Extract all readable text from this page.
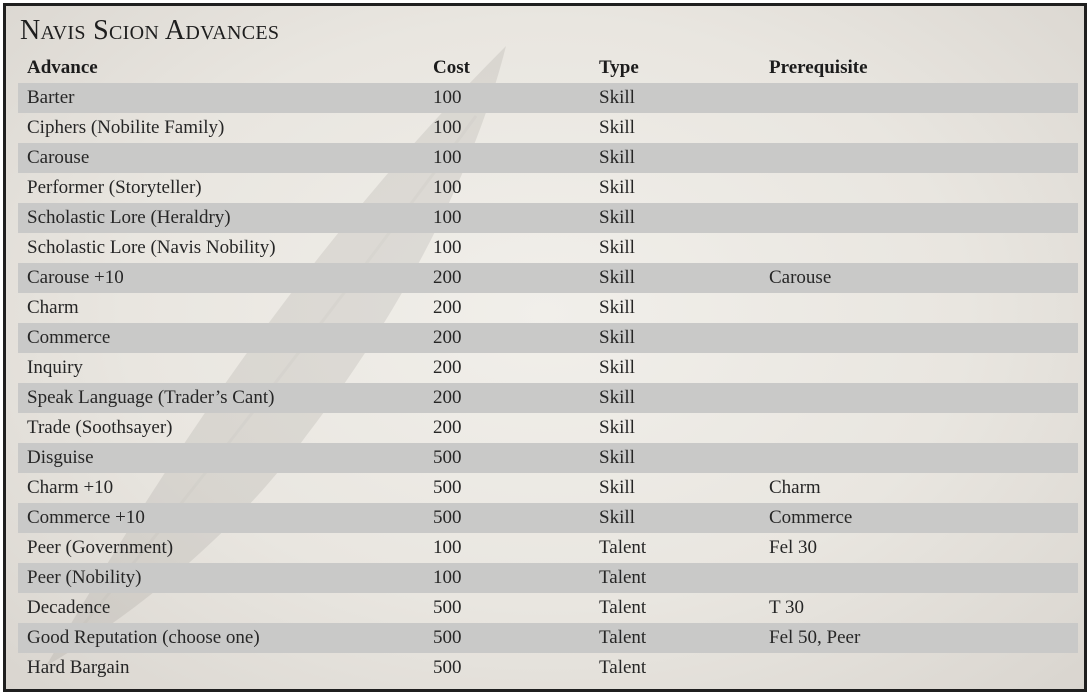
Navis Scion Advances
Advance	Cost	Type	Prerequisite
Barter	100	Skill
Ciphers (Nobilite Family)	100	Skill
Carouse	100	Skill
Performer (Storyteller)	100	Skill
Scholastic Lore (Heraldry)	100	Skill
Scholastic Lore (Navis Nobility)	100	Skill
Carouse +10	200	Skill	Carouse
Charm	200	Skill
Commerce	200	Skill
Inquiry	200	Skill
Speak Language (Trader’s Cant)	200	Skill
Trade (Soothsayer)	200	Skill
Disguise	500	Skill
Charm +10	500	Skill	Charm
Commerce +10	500	Skill	Commerce
Peer (Government)	100	Talent	Fel 30
Peer (Nobility)	100	Talent
Decadence	500	Talent	T 30
Good Reputation (choose one)	500	Talent	Fel 50, Peer
Hard Bargain	500	Talent
